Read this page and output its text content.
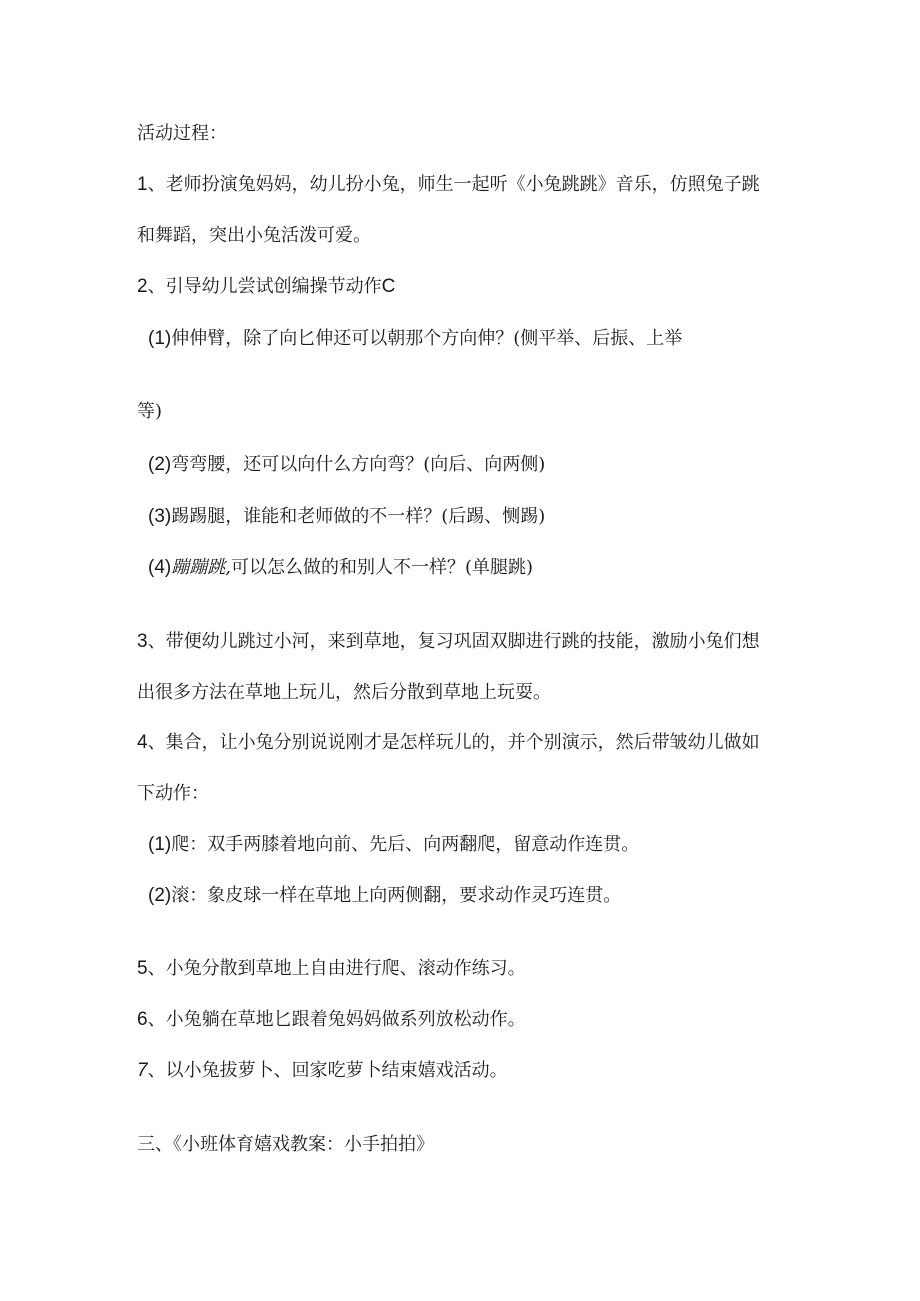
活动过程：
1、老师扮演兔妈妈，幼儿扮小兔，师生一起听《小兔跳跳》音乐，仿照兔子跳
和舞蹈，突出小兔活泼可爱。
2、引导幼儿尝试创编操节动作C
(1)伸伸臂，除了向匕伸还可以朝那个方向伸？(侧平举、后振、上举
等)
(2)弯弯腰，还可以向什么方向弯？(向后、向两侧)
(3)踢踢腿，谁能和老师做的不一样？(后踢、恻踢)
(4)蹦蹦跳,可以怎么做的和别人不一样？(单腿跳)
3、带便幼儿跳过小河，来到草地，复习巩固双脚进行跳的技能，激励小兔们想
出很多方法在草地上玩儿，然后分散到草地上玩耍。
4、集合，让小兔分别说说刚才是怎样玩儿的，并个别演示，然后带皱幼儿做如
下动作：
(1)爬：双手两膝着地向前、先后、向两翻爬，留意动作连贯。
(2)滚：象皮球一样在草地上向两侧翻，要求动作灵巧连贯。
5、小兔分散到草地上自由进行爬、滚动作练习。
6、小兔躺在草地匕跟着兔妈妈做系列放松动作。
7、以小兔拔萝卜、回家吃萝卜结束嬉戏活动。
三、《小班体育嬉戏教案：小手拍拍》
